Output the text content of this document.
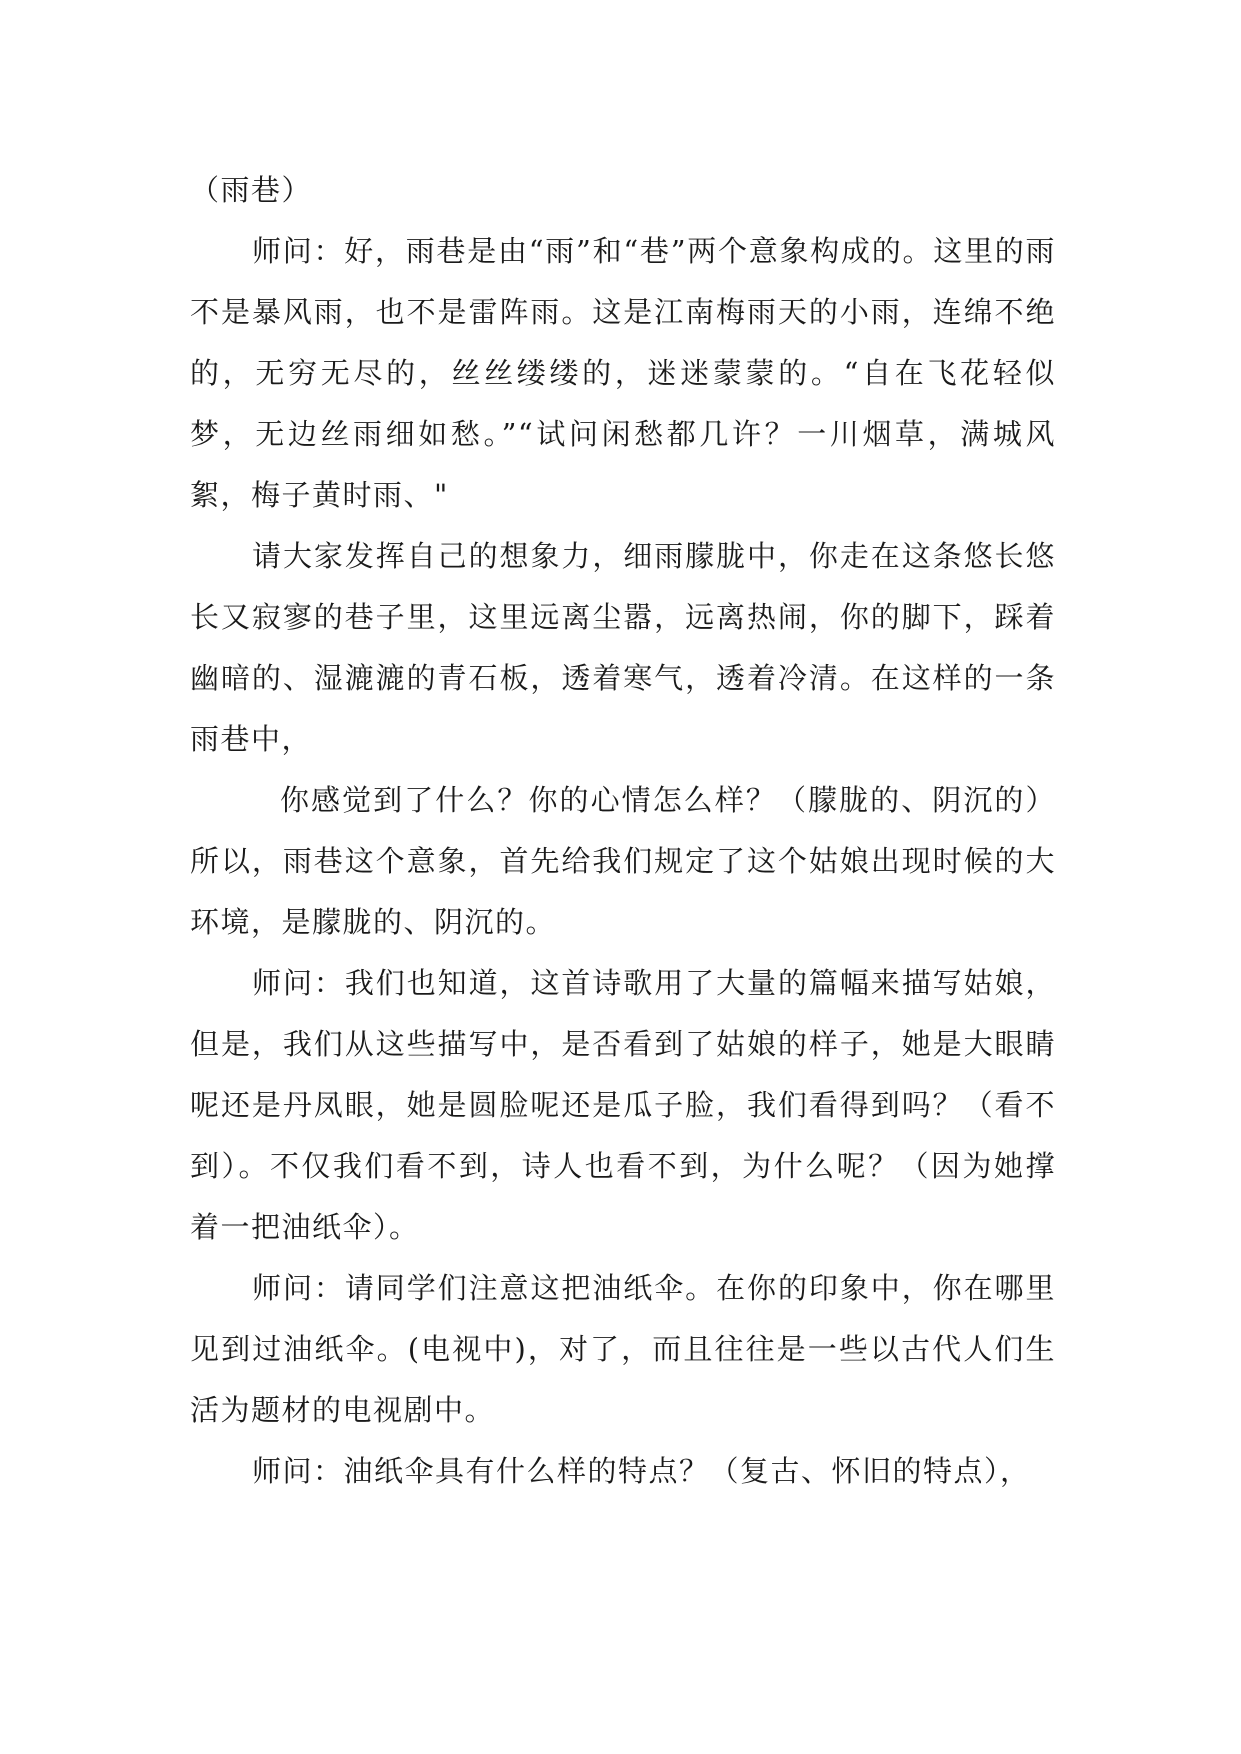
（雨巷）

师问：好，雨巷是由“雨”和“巷”两个意象构成的。这里的雨不是暴风雨，也不是雷阵雨。这是江南梅雨天的小雨，连绵不绝的，无穷无尽的，丝丝缕缕的，迷迷蒙蒙的。“自在飞花轻似梦，无边丝雨细如愁。”“试问闲愁都几许？一川烟草，满城风絮，梅子黄时雨、"

请大家发挥自己的想象力，细雨朦胧中，你走在这条悠长悠长又寂寥的巷子里，这里远离尘嚣，远离热闹，你的脚下，踩着幽暗的、湿漉漉的青石板，透着寒气，透着冷清。在这样的一条雨巷中，

你感觉到了什么？你的心情怎么样？（朦胧的、阴沉的）所以，雨巷这个意象，首先给我们规定了这个姑娘出现时候的大环境，是朦胧的、阴沉的。

师问：我们也知道，这首诗歌用了大量的篇幅来描写姑娘，但是，我们从这些描写中，是否看到了姑娘的样子，她是大眼睛呢还是丹凤眼，她是圆脸呢还是瓜子脸，我们看得到吗？（看不到）。不仅我们看不到，诗人也看不到，为什么呢？（因为她撑着一把油纸伞）。

师问：请同学们注意这把油纸伞。在你的印象中，你在哪里见到过油纸伞。(电视中)，对了，而且往往是一些以古代人们生活为题材的电视剧中。

师问：油纸伞具有什么样的特点？（复古、怀旧的特点），
